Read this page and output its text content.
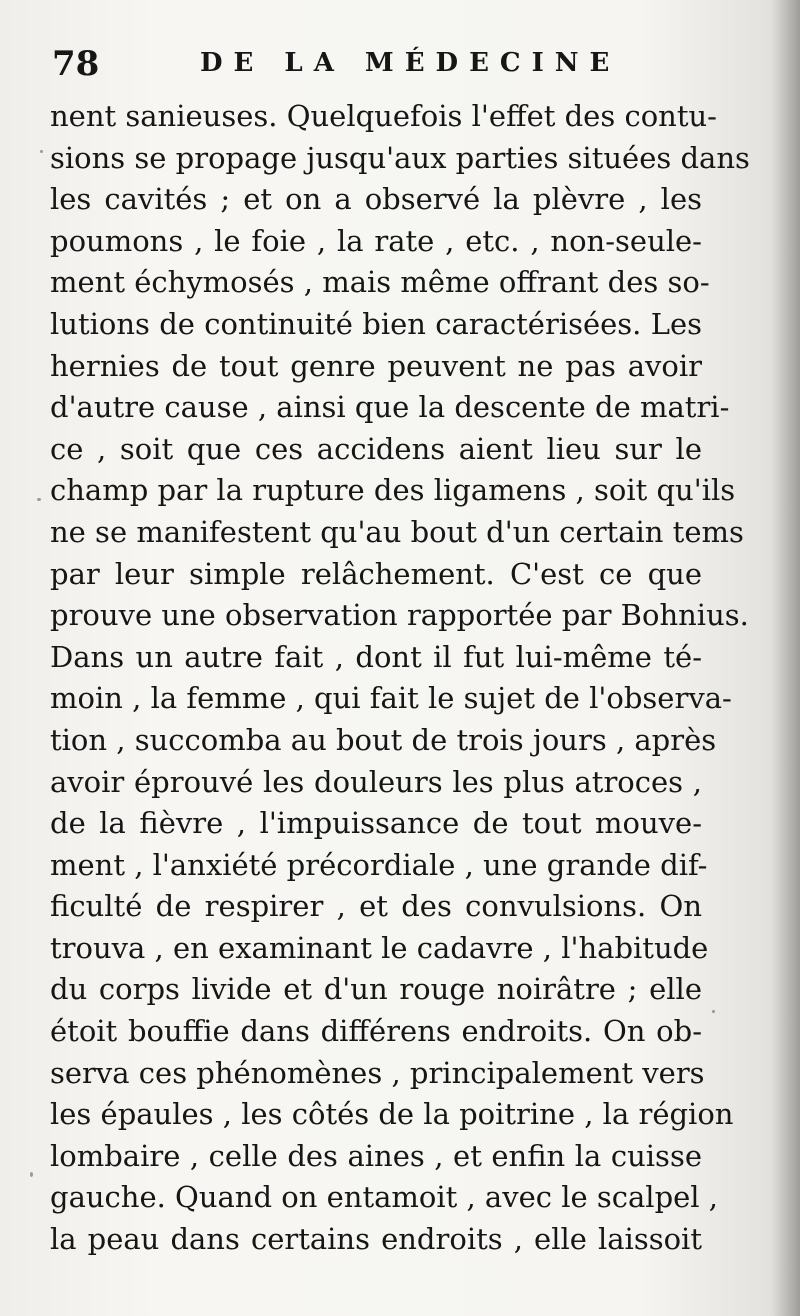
78	DE LA MÉDECINE
nent sanieuses. Quelquefois l'effet des contu-
sions se propage jusqu'aux parties situées dans
les cavités ; et on a observé la plèvre , les
poumons , le foie , la rate , etc. , non-seule-
ment échymosés , mais même offrant des so-
lutions de continuité bien caractérisées. Les
hernies de tout genre peuvent ne pas avoir
d'autre cause , ainsi que la descente de matri-
ce , soit que ces accidens aient lieu sur le
champ par la rupture des ligamens , soit qu'ils
ne se manifestent qu'au bout d'un certain tems
par leur simple relâchement. C'est ce que
prouve une observation rapportée par Bohnius.
Dans un autre fait , dont il fut lui-même té-
moin , la femme , qui fait le sujet de l'observa-
tion , succomba au bout de trois jours , après
avoir éprouvé les douleurs les plus atroces ,
de la fièvre , l'impuissance de tout mouve-
ment , l'anxiété précordiale , une grande dif-
ficulté de respirer , et des convulsions. On
trouva , en examinant le cadavre , l'habitude
du corps livide et d'un rouge noirâtre ; elle
étoit bouffie dans différens endroits. On ob-
serva ces phénomènes , principalement vers
les épaules , les côtés de la poitrine , la région
lombaire , celle des aines , et enfin la cuisse
gauche. Quand on entamoit , avec le scalpel ,
la peau dans certains endroits , elle laissoit
